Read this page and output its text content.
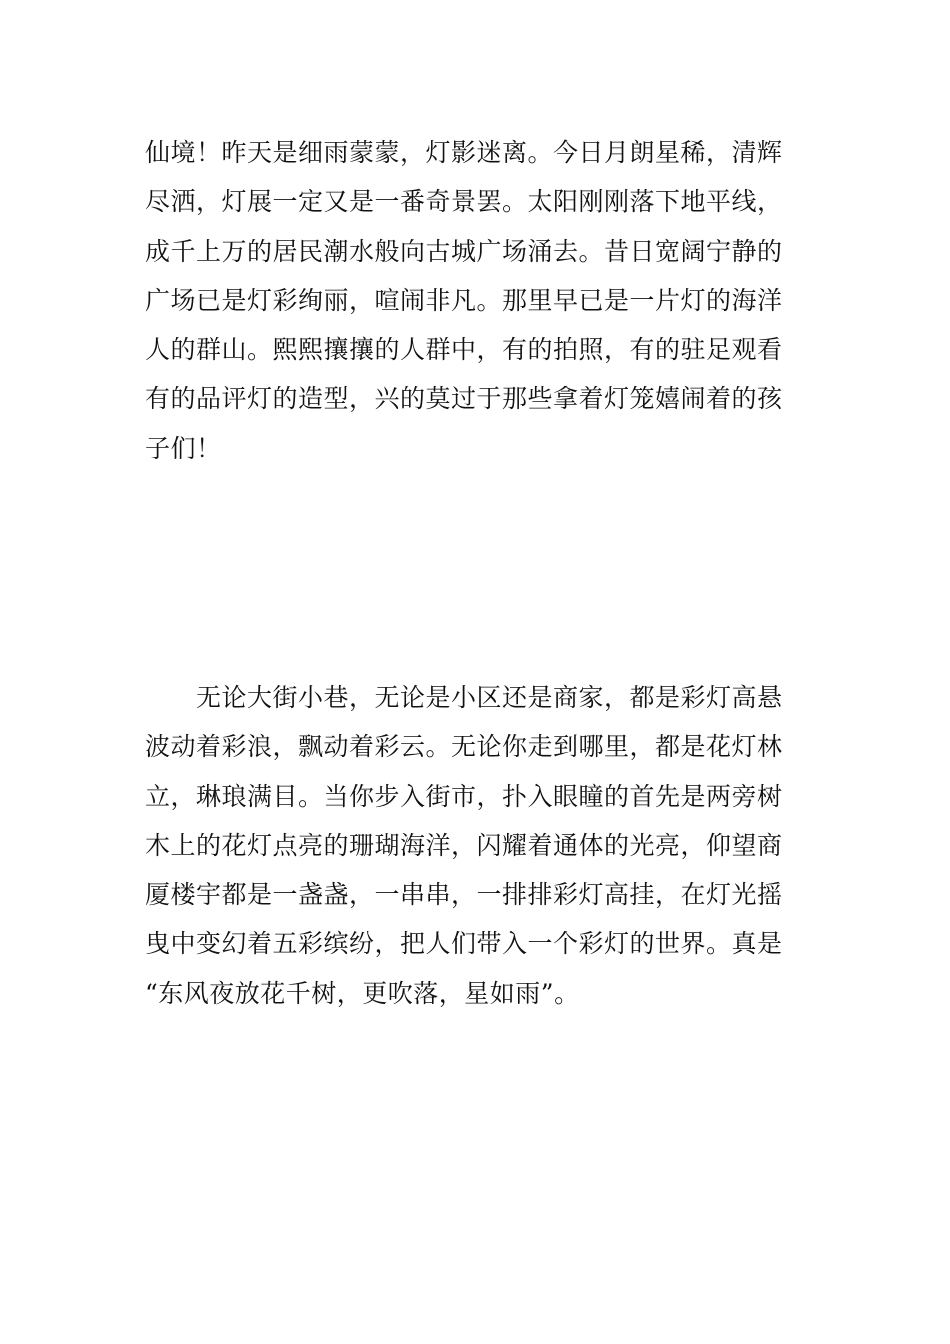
仙境！昨天是细雨蒙蒙，灯影迷离。今日月朗星稀，清辉
尽洒，灯展一定又是一番奇景罢。太阳刚刚落下地平线，
成千上万的居民潮水般向古城广场涌去。昔日宽阔宁静的
广场已是灯彩绚丽，喧闹非凡。那里早已是一片灯的海洋
人的群山。熙熙攘攘的人群中，有的拍照，有的驻足观看
有的品评灯的造型，兴的莫过于那些拿着灯笼嬉闹着的孩
子们！

　　无论大街小巷，无论是小区还是商家，都是彩灯高悬
波动着彩浪，飘动着彩云。无论你走到哪里，都是花灯林
立，琳琅满目。当你步入街市，扑入眼瞳的首先是两旁树
木上的花灯点亮的珊瑚海洋，闪耀着通体的光亮，仰望商
厦楼宇都是一盏盏，一串串，一排排彩灯高挂，在灯光摇
曳中变幻着五彩缤纷，把人们带入一个彩灯的世界。真是
“东风夜放花千树，更吹落，星如雨”。
